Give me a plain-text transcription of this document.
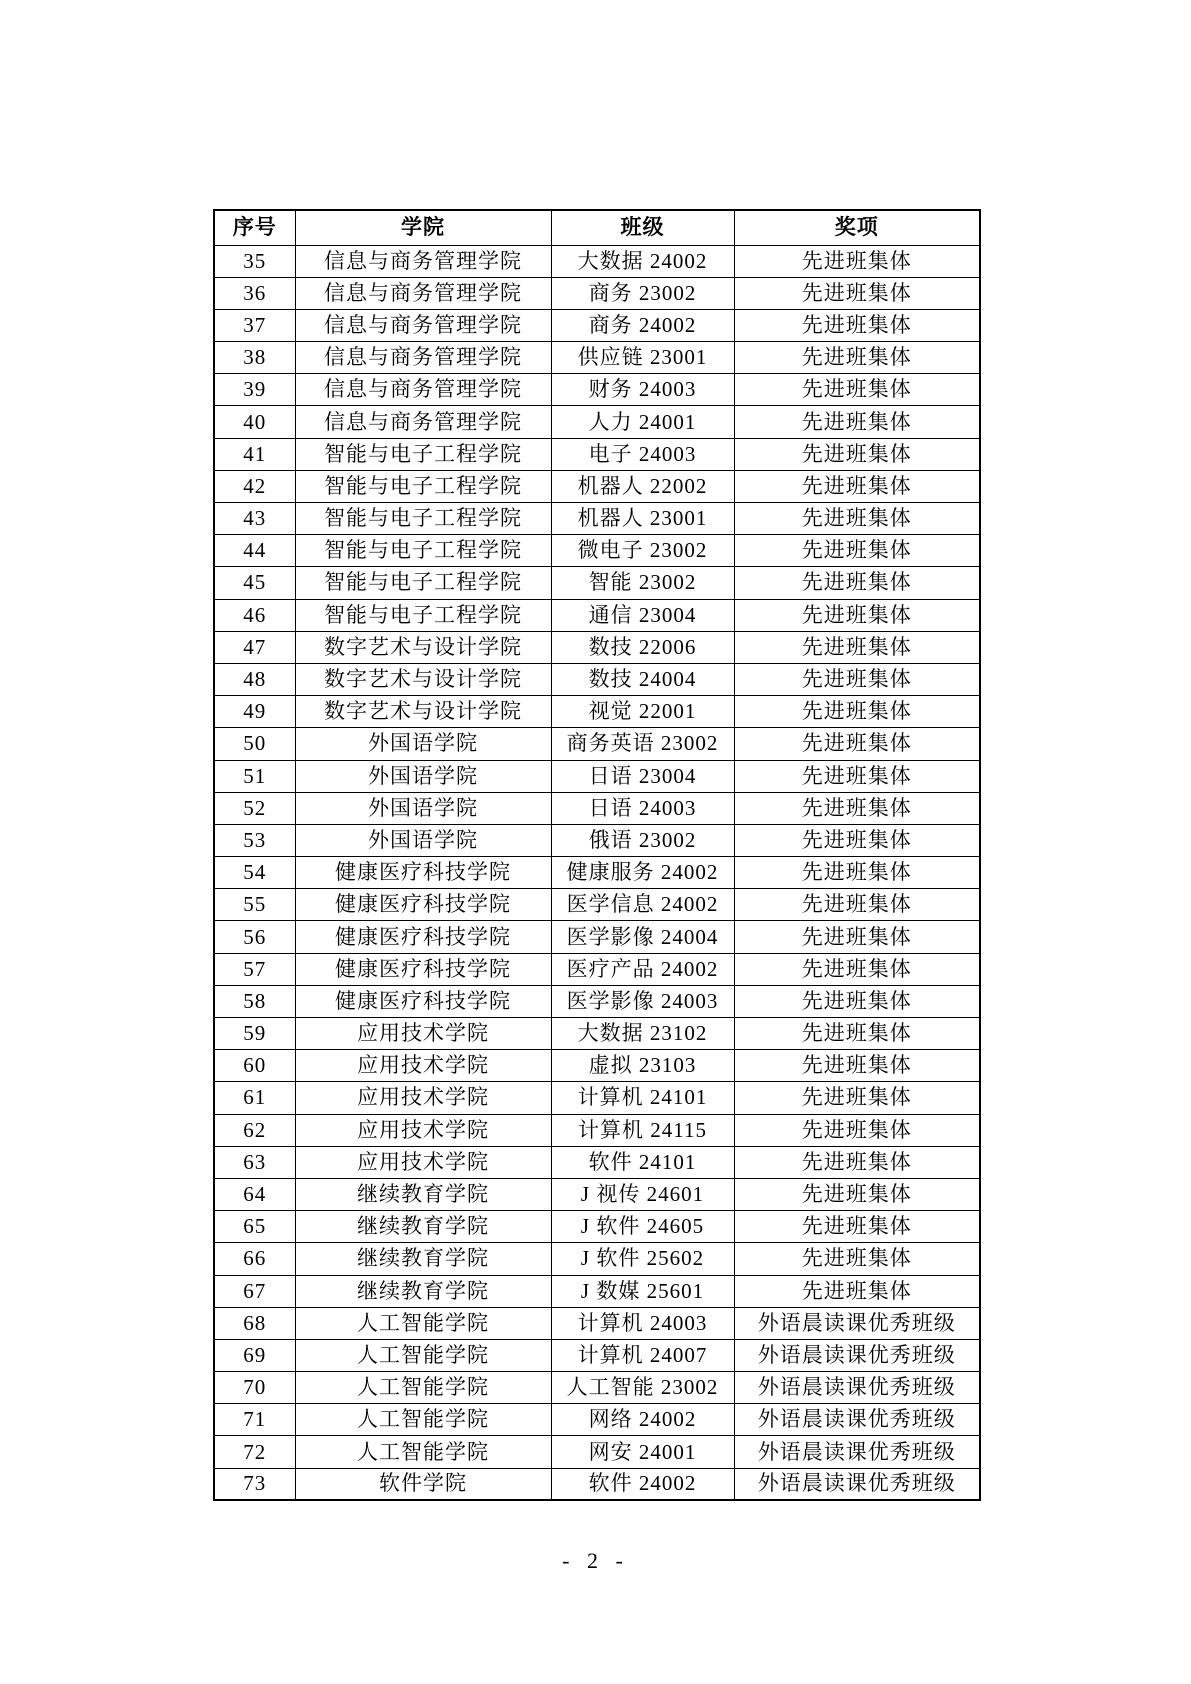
序号	学院	班级	奖项
35	信息与商务管理学院	大数据 24002	先进班集体
36	信息与商务管理学院	商务 23002	先进班集体
37	信息与商务管理学院	商务 24002	先进班集体
38	信息与商务管理学院	供应链 23001	先进班集体
39	信息与商务管理学院	财务 24003	先进班集体
40	信息与商务管理学院	人力 24001	先进班集体
41	智能与电子工程学院	电子 24003	先进班集体
42	智能与电子工程学院	机器人 22002	先进班集体
43	智能与电子工程学院	机器人 23001	先进班集体
44	智能与电子工程学院	微电子 23002	先进班集体
45	智能与电子工程学院	智能 23002	先进班集体
46	智能与电子工程学院	通信 23004	先进班集体
47	数字艺术与设计学院	数技 22006	先进班集体
48	数字艺术与设计学院	数技 24004	先进班集体
49	数字艺术与设计学院	视觉 22001	先进班集体
50	外国语学院	商务英语 23002	先进班集体
51	外国语学院	日语 23004	先进班集体
52	外国语学院	日语 24003	先进班集体
53	外国语学院	俄语 23002	先进班集体
54	健康医疗科技学院	健康服务 24002	先进班集体
55	健康医疗科技学院	医学信息 24002	先进班集体
56	健康医疗科技学院	医学影像 24004	先进班集体
57	健康医疗科技学院	医疗产品 24002	先进班集体
58	健康医疗科技学院	医学影像 24003	先进班集体
59	应用技术学院	大数据 23102	先进班集体
60	应用技术学院	虚拟 23103	先进班集体
61	应用技术学院	计算机 24101	先进班集体
62	应用技术学院	计算机 24115	先进班集体
63	应用技术学院	软件 24101	先进班集体
64	继续教育学院	J 视传 24601	先进班集体
65	继续教育学院	J 软件 24605	先进班集体
66	继续教育学院	J 软件 25602	先进班集体
67	继续教育学院	J 数媒 25601	先进班集体
68	人工智能学院	计算机 24003	外语晨读课优秀班级
69	人工智能学院	计算机 24007	外语晨读课优秀班级
70	人工智能学院	人工智能 23002	外语晨读课优秀班级
71	人工智能学院	网络 24002	外语晨读课优秀班级
72	人工智能学院	网安 24001	外语晨读课优秀班级
73	软件学院	软件 24002	外语晨读课优秀班级
- 2 -
